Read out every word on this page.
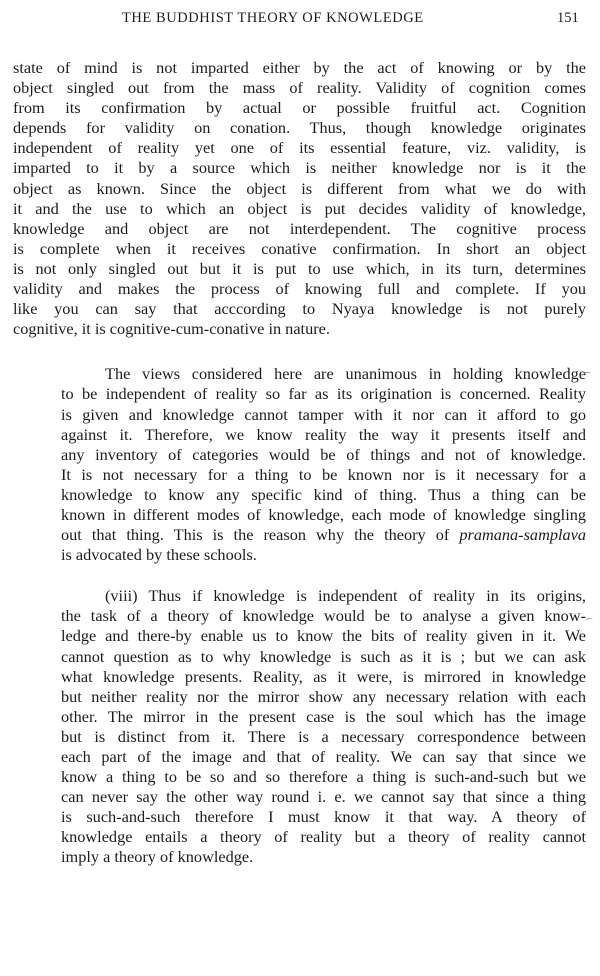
THE BUDDHIST THEORY OF KNOWLEDGE	151
state of mind is not imparted either by the act of knowing or by the
object singled out from the mass of reality. Validity of cognition comes
from its confirmation by actual or possible fruitful act. Cognition
depends for validity on conation. Thus, though knowledge originates
independent of reality yet one of its essential feature, viz. validity, is
imparted to it by a source which is neither knowledge nor is it the
object as known. Since the object is different from what we do with
it and the use to which an object is put decides validity of knowledge,
knowledge and object are not interdependent. The cognitive process
is complete when it receives conative confirmation. In short an object
is not only singled out but it is put to use which, in its turn, determines
validity and makes the process of knowing full and complete. If you
like you can say that acccording to Nyaya knowledge is not purely
cognitive, it is cognitive-cum-conative in nature.
The views considered here are unanimous in holding knowledge
to be independent of reality so far as its origination is concerned. Reality
is given and knowledge cannot tamper with it nor can it afford to go
against it. Therefore, we know reality the way it presents itself and
any inventory of categories would be of things and not of knowledge.
It is not necessary for a thing to be known nor is it necessary for a
knowledge to know any specific kind of thing. Thus a thing can be
known in different modes of knowledge, each mode of knowledge singling
out that thing. This is the reason why the theory of pramana-samplava
is advocated by these schools.
(viii) Thus if knowledge is independent of reality in its origins,
the task of a theory of knowledge would be to analyse a given know-
ledge and there-by enable us to know the bits of reality given in it. We
cannot question as to why knowledge is such as it is ; but we can ask
what knowledge presents. Reality, as it were, is mirrored in knowledge
but neither reality nor the mirror show any necessary relation with each
other. The mirror in the present case is the soul which has the image
but is distinct from it. There is a necessary correspondence between
each part of the image and that of reality. We can say that since we
know a thing to be so and so therefore a thing is such-and-such but we
can never say the other way round i. e. we cannot say that since a thing
is such-and-such therefore I must know it that way. A theory of
knowledge entails a theory of reality but a theory of reality cannot
imply a theory of knowledge.
